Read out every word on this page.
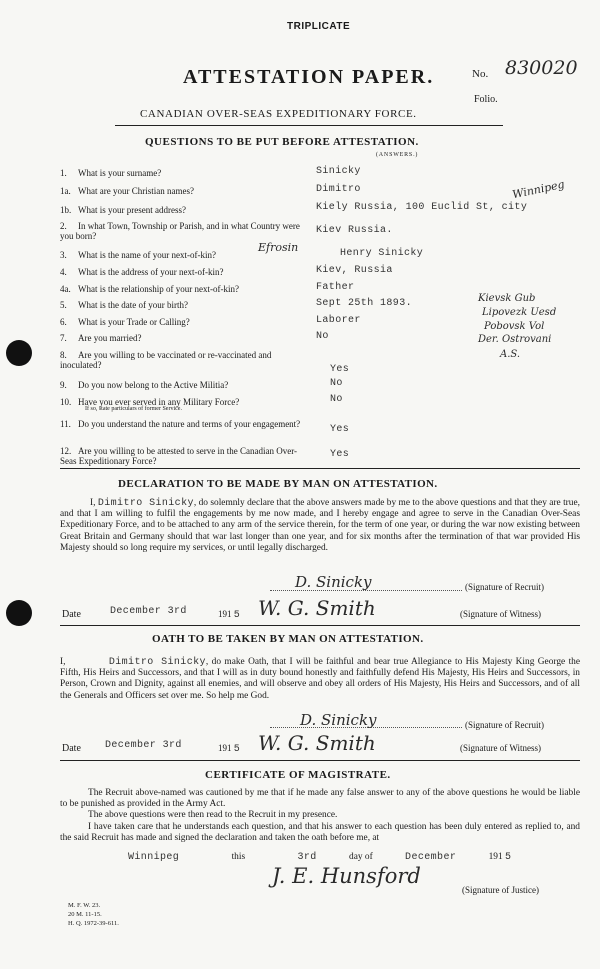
TRIPLICATE
ATTESTATION PAPER.	No. 830020
Folio.
CANADIAN OVER-SEAS EXPEDITIONARY FORCE.
QUESTIONS TO BE PUT BEFORE ATTESTATION.
(ANSWERS.)
1. What is your surname?	Sinicky
1a. What are your Christian names?	Dimitro
1b. What is your present address?	Kiely Russia, 100 Euclid St, city
Winnipeg
2. In what Town, Township or Parish, and in what Country were you born?	Kiev Russia.
3. What is the name of your next-of-kin?	Henry Sinicky
Efrosin
4. What is the address of your next-of-kin?	Kiev, Russia
4a. What is the relationship of your next-of-kin?	Father
5. What is the date of your birth?	Sept 25th 1893.
6. What is your Trade or Calling?	Laborer
7. Are you married?	No
Kievsk Gub
Lipovezk Uesd
Pobovsk Vol
Der. Ostrovani
A.S.
8. Are you willing to be vaccinated or re-vaccinated and inoculated?	Yes
9. Do you now belong to the Active Militia?	No
10. Have you ever served in any Military Force?
If so, state particulars of former Service.
No
11. Do you understand the nature and terms of your engagement?	Yes
12. Are you willing to be attested to serve in the Canadian Over-Seas Expeditionary Force?
Yes
DECLARATION TO BE MADE BY MAN ON ATTESTATION.
I, Dimitro Sinicky, do solemnly declare that the above answers made by me to the above questions and that they are true, and that I am willing to fulfil the engagements by me now made, and I hereby engage and agree to serve in the Canadian Over-Seas Expeditionary Force, and to be attached to any arm of the service therein, for the term of one year, or during the war now existing between Great Britain and Germany should that war last longer than one year, and for six months after the termination of that war provided His Majesty should so long require my services, or until legally discharged.
D. Sinicky	(Signature of Recruit)
Date	December 3rd	191 5 W. G. Smith	(Signature of Witness)
OATH TO BE TAKEN BY MAN ON ATTESTATION.
I,	Dimitro Sinicky, do make Oath, that I will be faithful and bear true Allegiance to His Majesty King George the Fifth, His Heirs and Successors, and that I will as in duty bound honestly and faithfully defend His Majesty, His Heirs and Successors, in Person, Crown and Dignity, against all enemies, and will observe and obey all orders of His Majesty, His Heirs and Successors, and of all the Generals and Officers set over me. So help me God.
D. Sinicky	(Signature of Recruit)
Date December 3rd	191 5 W. G. Smith	(Signature of Witness)
CERTIFICATE OF MAGISTRATE.
The Recruit above-named was cautioned by me that if he made any false answer to any of the above questions he would be liable to be punished as provided in the Army Act.
The above questions were then read to the Recruit in my presence.
I have taken care that he understands each question, and that his answer to each question has been duly entered as replied to, and the said Recruit has made and signed the declaration and taken the oath before me, at
Winnipeg	this	3rd	day of	December	191 5
J. E. Hunsford
(Signature of Justice)
M. F. W. 23.
20 M. 11-15.
H. Q. 1972-39-611.
